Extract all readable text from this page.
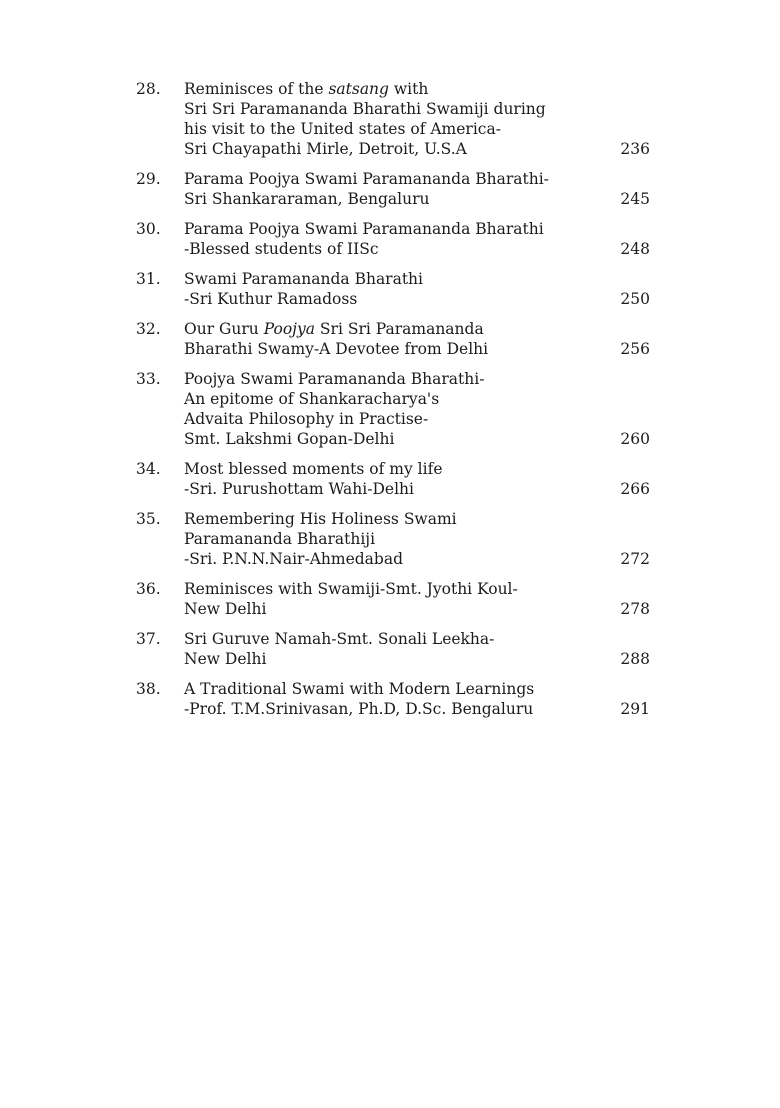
28.	Reminisces of the satsang with
Sri Sri Paramananda Bharathi Swamiji during
his visit to the United states of America-
Sri Chayapathi Mirle, Detroit, U.S.A	236
29.	Parama Poojya Swami Paramananda Bharathi-
Sri Shankararaman, Bengaluru	245
30.	Parama Poojya Swami Paramananda Bharathi
-Blessed students of IISc	248
31.	Swami Paramananda Bharathi
-Sri Kuthur Ramadoss	250
32.	Our Guru Poojya Sri Sri Paramananda
Bharathi Swamy-A Devotee from Delhi	256
33.	Poojya Swami Paramananda Bharathi-
An epitome of Shankaracharya's
Advaita Philosophy in Practise-
Smt. Lakshmi Gopan-Delhi	260
34.	Most blessed moments of my life
-Sri. Purushottam Wahi-Delhi	266
35.	Remembering His Holiness Swami
Paramananda Bharathiji
-Sri. P.N.N.Nair-Ahmedabad	272
36.	Reminisces with Swamiji-Smt. Jyothi Koul-
New Delhi	278
37.	Sri Guruve Namah-Smt. Sonali Leekha-
New Delhi	288
38.	A Traditional Swami with Modern Learnings
-Prof. T.M.Srinivasan, Ph.D, D.Sc. Bengaluru	291
